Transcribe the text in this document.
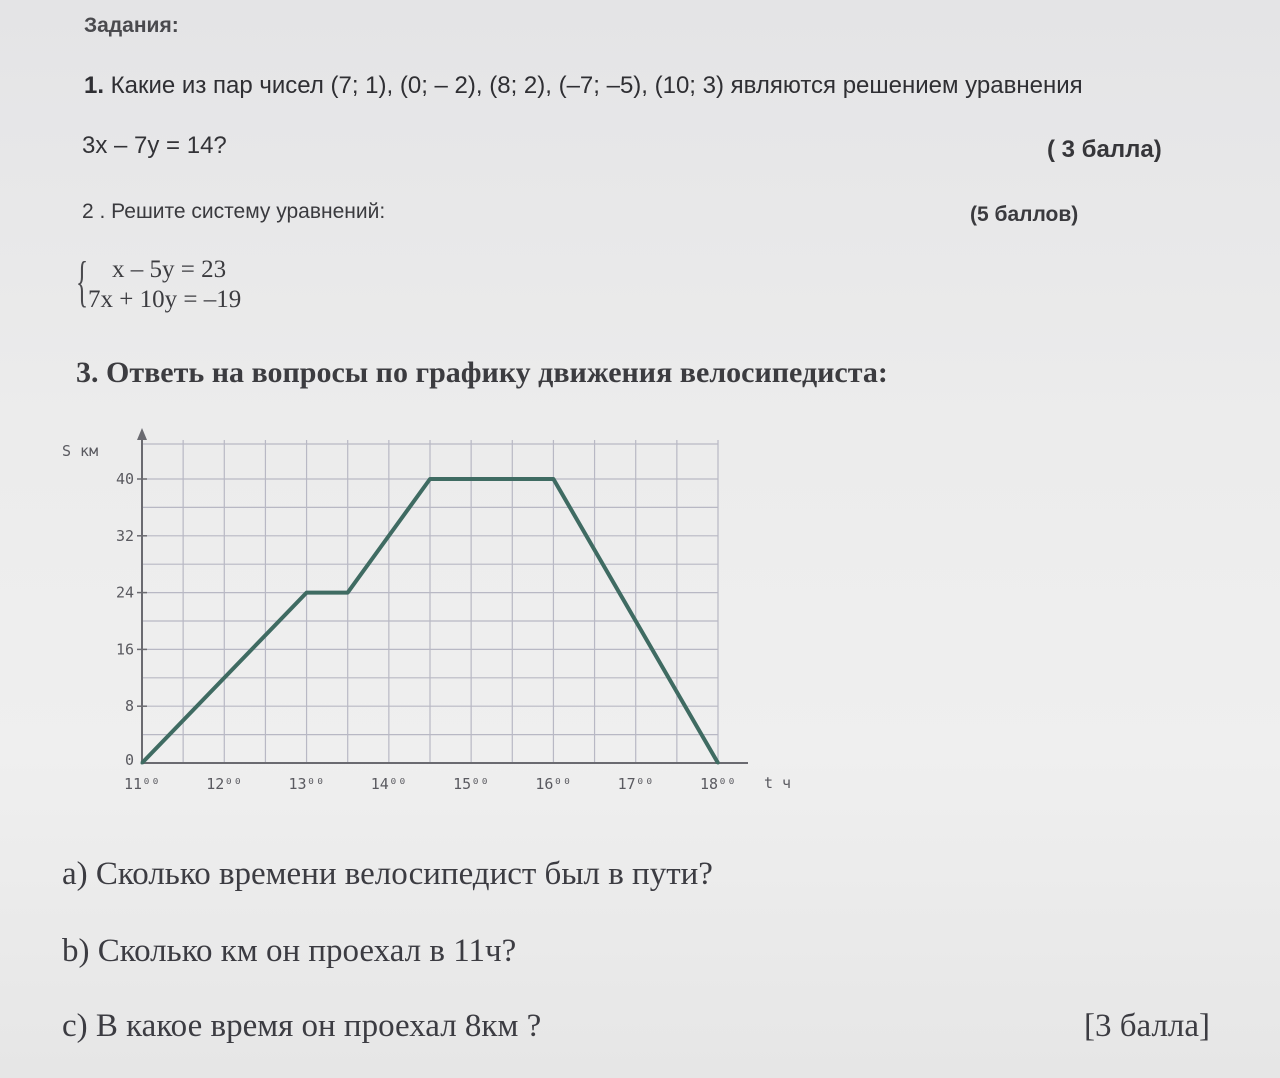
Задания:
1. Какие из пар чисел (7; 1), (0; – 2), (8; 2), (–7; –5), (10; 3) являются решением уравнения
3x – 7y = 14?	( 3 балла)
2 . Решите систему уравнений:	(5 баллов)
{ x – 5y = 23
7x + 10y = –19
3. Ответь на вопросы по графику движения велосипедиста:
S км
t ч
0
8
16
24
32
40
11⁰⁰	12⁰⁰	13⁰⁰	14⁰⁰	15⁰⁰	16⁰⁰	17⁰⁰	18⁰⁰
a) Сколько времени велосипедист был в пути?
b) Сколько км он проехал в 11ч?
c) В какое время он проехал 8км ?	[3 балла]
